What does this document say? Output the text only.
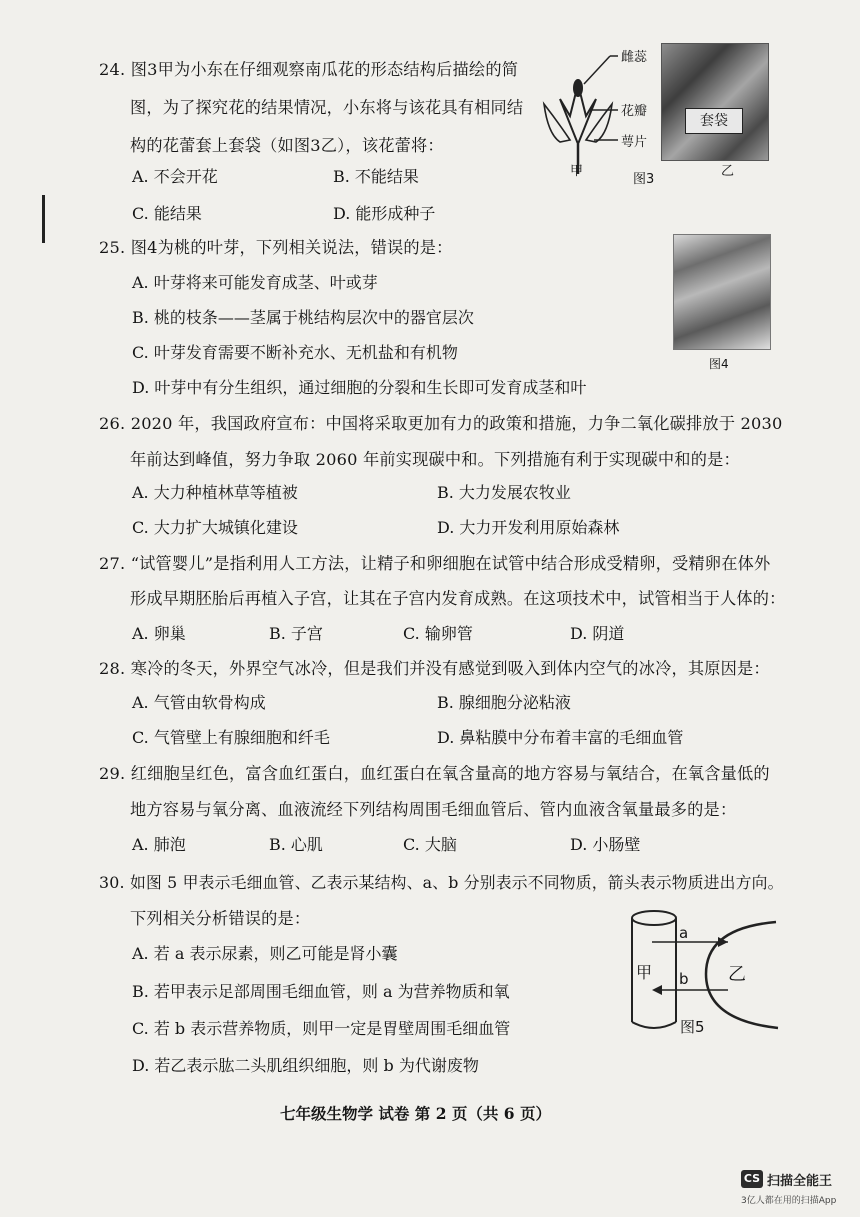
24. 图3甲为小东在仔细观察南瓜花的形态结构后描绘的简
图，为了探究花的结果情况，小东将与该花具有相同结
构的花蕾套上套袋（如图3乙），该花蕾将：
A. 不会开花	B. 不能结果
C. 能结果	D. 能形成种子
雌蕊
花瓣
萼片
甲
图3
套袋
乙
25. 图4为桃的叶芽，下列相关说法，错误的是：
A. 叶芽将来可能发育成茎、叶或芽
B. 桃的枝条——茎属于桃结构层次中的器官层次
C. 叶芽发育需要不断补充水、无机盐和有机物
D. 叶芽中有分生组织，通过细胞的分裂和生长即可发育成茎和叶
图4
26. 2020 年，我国政府宣布：中国将采取更加有力的政策和措施，力争二氧化碳排放于 2030
年前达到峰值，努力争取 2060 年前实现碳中和。下列措施有利于实现碳中和的是：
A. 大力种植林草等植被	B. 大力发展农牧业
C. 大力扩大城镇化建设	D. 大力开发利用原始森林
27. “试管婴儿”是指利用人工方法，让精子和卵细胞在试管中结合形成受精卵，受精卵在体外
形成早期胚胎后再植入子宫，让其在子宫内发育成熟。在这项技术中，试管相当于人体的：
A. 卵巢	B. 子宫	C. 输卵管	D. 阴道
28. 寒冷的冬天，外界空气冰冷，但是我们并没有感觉到吸入到体内空气的冰冷，其原因是：
A. 气管由软骨构成	B. 腺细胞分泌粘液
C. 气管壁上有腺细胞和纤毛	D. 鼻粘膜中分布着丰富的毛细血管
29. 红细胞呈红色，富含血红蛋白，血红蛋白在氧含量高的地方容易与氧结合，在氧含量低的
地方容易与氧分离、血液流经下列结构周围毛细血管后、管内血液含氧量最多的是：
A. 肺泡	B. 心肌	C. 大脑	D. 小肠壁
30. 如图 5 甲表示毛细血管、乙表示某结构、a、b 分别表示不同物质，箭头表示物质进出方向。
下列相关分析错误的是：
A. 若 a 表示尿素，则乙可能是肾小囊
B. 若甲表示足部周围毛细血管，则 a 为营养物质和氧
C. 若 b 表示营养物质，则甲一定是胃壁周围毛细血管
D. 若乙表示肱二头肌组织细胞，则 b 为代谢废物
a
甲 b 乙
图5
七年级生物学 试卷 第 2 页（共 6 页）
CS 扫描全能王
3亿人都在用的扫描App
